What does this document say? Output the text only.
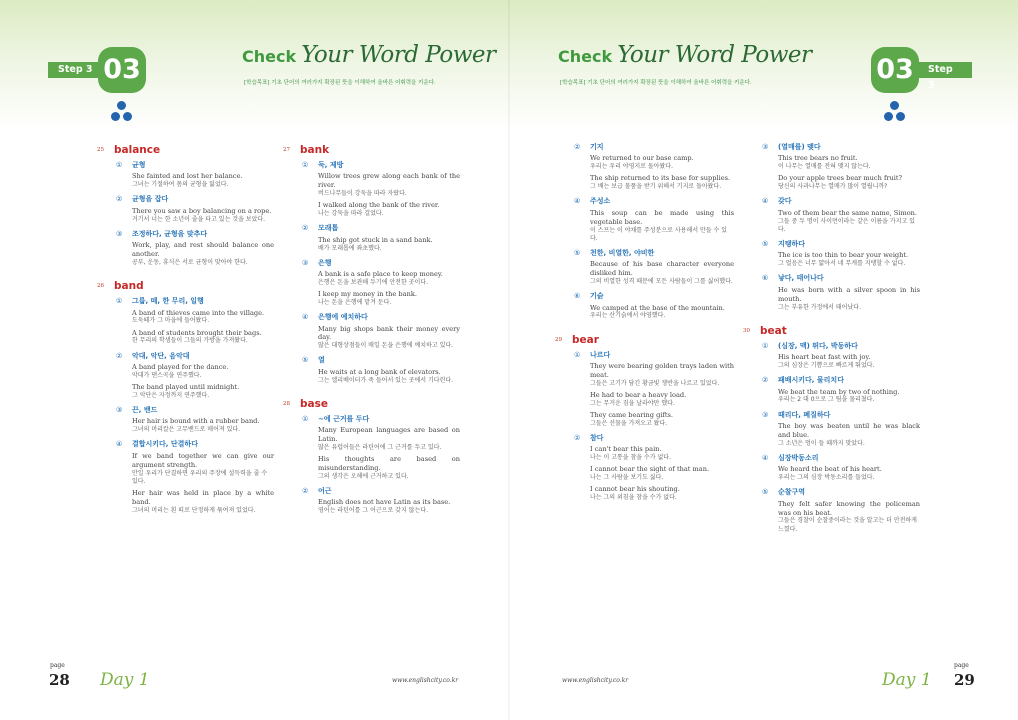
Step 3 03	Check Your Word Power
[학습목표] 기초 단어의 여러가지 확장된 뜻을 이해하여 올바른 어휘력을 키운다.
Check Your Word Power
[학습목표] 기초 단어의 여러가지 확장된 뜻을 이해하여 올바른 어휘력을 키운다.
Step 3
03
25 balance
① 균형
She fainted and lost her balance.
그녀는 기절하여 몸의 균형을 잃었다.
② 균형을 잡다
There you saw a boy balancing on a rope.
거기서 너는 한 소년이 줄을 타고 있는 것을 보았다.
③ 조정하다, 균형을 맞추다
Work, play, and rest should balance one another.
공부, 운동, 휴식은 서로 균형이 맞아야 한다.
26 band
① 그룹, 떼, 한 무리, 일행
A band of thieves came into the village.
도둑떼가 그 마을에 들어왔다.
A band of students brought their bags.
한 무리의 학생들이 그들의 가방을 가져왔다.
② 악대, 악단, 음악대
A band played for the dance.
악대가 댄스곡을 연주했다.
The band played until midnight.
그 악단은 자정까지 연주했다.
③ 끈, 밴드
Her hair is bound with a rubber band.
그녀의 머리칼은 고무밴드로 매어져 있다.
④ 결합시키다, 단결하다
If we band together we can give our argument strength.
만일 우리가 단결하면 우리의 주장에 설득력을 줄 수 있다.
Her hair was held in place by a white band.
그녀의 머리는 흰 띠로 단정하게 묶여져 있었다.
27 bank
① 둑, 제방
Willow trees grew along each bank of the river.
버드나무들이 강둑을 따라 자랐다.
I walked along the bank of the river.
나는 강둑을 따라 걸었다.
② 모래톱
The ship got stuck in a sand bank.
배가 모래톱에 좌초했다.
③ 은행
A bank is a safe place to keep money.
은행은 돈을 보관해 두기에 안전한 곳이다.
I keep my money in the bank.
나는 돈을 은행에 맡겨 둔다.
④ 은행에 예치하다
Many big shops bank their money every day.
많은 대형상점들이 매일 돈을 은행에 예치하고 있다.
⑤ 열
He waits at a long bank of elevators.
그는 엘리베이터가 죽 들어서 있는 곳에서 기다린다.
28 base
① ~에 근거를 두다
Many European languages are based on Latin.
많은 유럽어들은 라틴어에 그 근거를 두고 있다.
His thoughts are based on misunderstanding.
그의 생각은 오해에 근거하고 있다.
② 어근
English does not have Latin as its base.
영어는 라틴어를 그 어근으로 갖지 않는다.
② 기지
We returned to our base camp.
우리는 우리 야영지로 돌아왔다.
The ship returned to its base for supplies.
그 배는 보급 물품을 받기 위해서 기지로 돌아왔다.
④ 주성소
This soup can be made using this vegetable base.
이 스프는 이 야채를 주성분으로 사용해서 만들 수 있다.
⑤ 천한, 비열한, 야비한
Because of his base character everyone disliked him.
그의 비열한 성격 때문에 모든 사람들이 그를 싫어했다.
⑥ 기슭
We camped at the base of the mountain.
우리는 산기슭에서 야영했다.
29 bear
① 나르다
They were bearing golden trays laden with meat.
그들은 고기가 담긴 황금빛 쟁반을 나르고 있었다.
He had to bear a heavy load.
그는 무거운 짐을 날라야만 했다.
They came bearing gifts.
그들은 선물을 가져오고 왔다.
② 참다
I can't bear this pain.
나는 이 고통을 참을 수가 없다.
I cannot bear the sight of that man.
나는 그 사람을 보기도 싫다.
I cannot bear his shouting.
나는 그의 외침을 참을 수가 없다.
③ (열매를) 맺다
This tree bears no fruit.
이 나무는 열매를 전혀 맺지 않는다.
Do your apple trees bear much fruit?
당신의 사과나무는 열매가 많이 열립니까?
④ 갖다
Two of them bear the same name, Simon.
그들 중 두 명이 사이먼이라는 같은 이름을 가지고 있다.
⑤ 지탱하다
The ice is too thin to bear your weight.
그 얼음은 너무 얇아서 네 무게를 지탱할 수 없다.
⑥ 낳다, 태어나다
He was born with a silver spoon in his mouth.
그는 부유한 가정에서 태어났다.
30 beat
① (심장, 맥) 뛰다, 박동하다
His heart beat fast with joy.
그의 심장은 기쁨으로 빠르게 뛰었다.
② 패배시키다, 물리치다
We beat the team by two of nothing.
우리는 2 대 0으로 그 팀을 물리쳤다.
③ 때리다, 폐질하다
The boy was beaten until he was black and blue.
그 소년은 멍이 들 때까지 맞았다.
④ 심장박동소리
We heard the beat of his heart.
우리는 그의 심장 박동소리를 들었다.
⑤ 순찰구역
They felt safer knowing the policeman was on his beat.
그들은 경찰이 순찰중이라는 것을 알고는 더 안전하게 느꼈다.
page
28 Day 1	www.englishcity.co.kr	www.englishcity.co.kr	Day 1
page
29
